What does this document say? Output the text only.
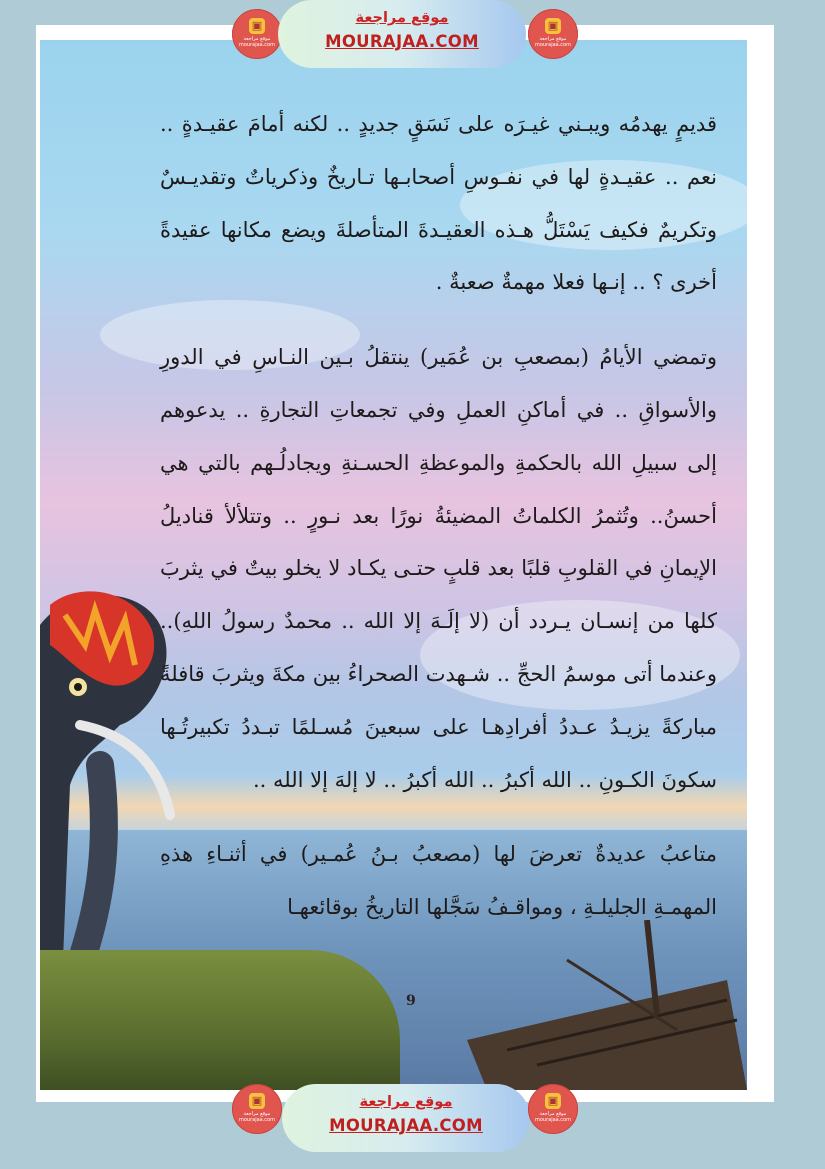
قديمٍ يهدمُه ويبـني غيـرَه على نَسَقٍ جديدٍ .. لكنه أمامَ عقيـدةٍ .. نعم .. عقيـدةٍ لها في نفـوسِ أصحابـها تـاريخٌ وذكرياتٌ وتقديـسٌ وتكريمٌ فكيف يَسْتَلُّ هـذه العقيـدةَ المتأصلةَ ويضع مكانها عقيدةً أخرى ؟ .. إنـها فعلا مهمةٌ صعبةٌ .

وتمضي الأيامُ (بمصعبِ بن عُمَير) ينتقلُ بـين النـاسِ في الدورِ والأسواقِ .. في أماكنِ العملِ وفي تجمعاتِ التجارةِ .. يدعوهم إلى سبيلِ الله بالحكمةِ والموعظةِ الحسـنةِ ويجادلُـهم بالتي هي أحسنُ.. وتُثمرُ الكلماتُ المضيئةُ نورًا بعد نـورٍ .. وتتلألأ قناديلُ الإيمانِ في القلوبِ قلبًا بعد قلبٍ حتـى يكـاد لا يخلو بيتٌ في يثربَ كلها من إنسـان يـردد أن (لا إلَـهَ إلا الله .. محمدٌ رسولُ اللهِ).. وعندما أتى موسمُ الحجِّ .. شـهدت الصحراءُ بين مكةَ ويثربَ قافلةً مباركةً يزيـدُ عـددُ أفرادِهـا على سبعينَ مُسـلمًا تبـددُ تكبيرتُـها سكونَ الكـونِ .. الله أكبرُ .. الله أكبرُ .. لا إلهَ إلا الله ..

متاعبُ عديدةٌ تعرضَ لها (مصعبُ بـنُ عُمـير) في أثنـاءِ هذهِ المهمـةِ الجليلـةِ ، ومواقـفُ سَجَّلها التاريخُ بوقائعهـا

9
▣
موقع مراجعة
mourajaa.com
موقع مراجعة
MOURAJAA.COM
▣
موقع مراجعة
mourajaa.com
▣
موقع مراجعة
mourajaa.com
موقع مراجعة
MOURAJAA.COM
▣
موقع مراجعة
mourajaa.com
